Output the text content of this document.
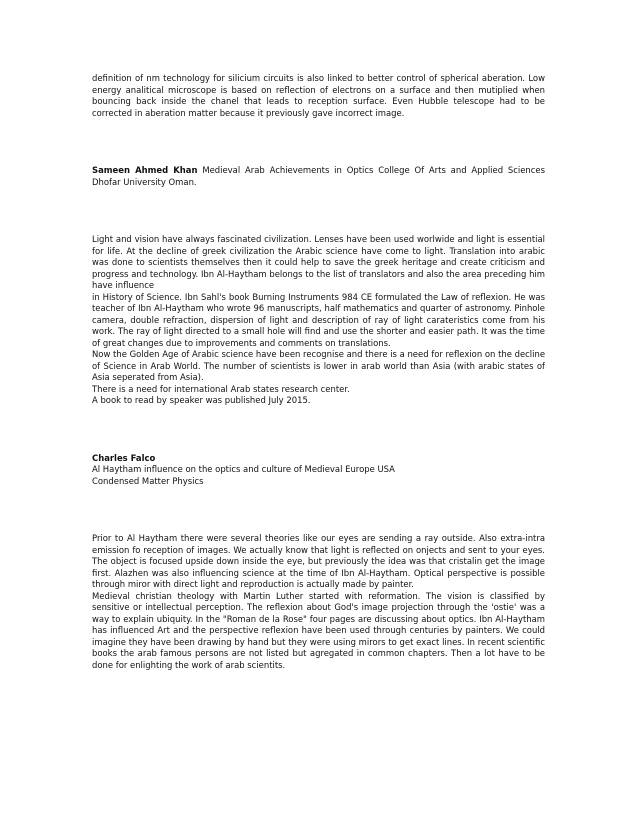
definition of nm technology for silicium circuits is also linked to better control of spherical aberation. Low energy analitical microscope is based on reflection of electrons on a surface and then mutiplied when bouncing back inside the chanel that leads to reception surface. Even Hubble telescope had to be corrected in aberation matter because it previously gave incorrect image.

Sameen Ahmed Khan Medieval Arab Achievements in Optics College Of Arts and Applied Sciences Dhofar University Oman.

Light and vision have always fascinated civilization. Lenses have been used worlwide and light is essential for life. At the decline of greek civilization the Arabic science have come to light. Translation into arabic was done to scientists themselves then it could help to save the greek heritage and create criticism and progress and technology. Ibn Al-Haytham belongs to the list of translators and also the area preceding him have influence

in History of Science. Ibn Sahl's book Burning Instruments 984 CE formulated the Law of reflexion. He was teacher of Ibn Al-Haytham who wrote 96 manuscripts, half mathematics and quarter of astronomy. Pinhole camera, double refraction, dispersion of light and description of ray of light carateristics come from his work. The ray of light directed to a small hole will find and use the shorter and easier path. It was the time of great changes due to improvements and comments on translations.

Now the Golden Age of Arabic science have been recognise and there is a need for reflexion on the decline of Science in Arab World. The number of scientists is lower in arab world than Asia (with arabic states of Asia seperated from Asia).

There is a need for international Arab states research center.

A book to read by speaker was published July 2015.

Charles Falco
Al Haytham influence on the optics and culture of Medieval Europe USA
Condensed Matter Physics

Prior to Al Haytham there were several theories like our eyes are sending a ray outside. Also extra-intra emission fo reception of images. We actually know that light is reflected on onjects and sent to your eyes. The object is focused upside down inside the eye, but previously the idea was that cristalin get the image first. Alazhen was also influencing science at the time of Ibn Al-Haytham. Optical perspective is possible through miror with direct light and reproduction is actually made by painter.

Medieval christian theology with Martin Luther started with reformation. The vision is classified by sensitive or intellectual perception. The reflexion about God's image projection through the 'ostie' was a way to explain ubiquity. In the "Roman de la Rose" four pages are discussing about optics. Ibn Al-Haytham has influenced Art and the perspective reflexion have been used through centuries by painters. We could imagine they have been drawing by hand but they were using mirors to get exact lines. In recent scientific books the arab famous persons are not listed but agregated in common chapters. Then a lot have to be done for enlighting the work of arab scientits.
